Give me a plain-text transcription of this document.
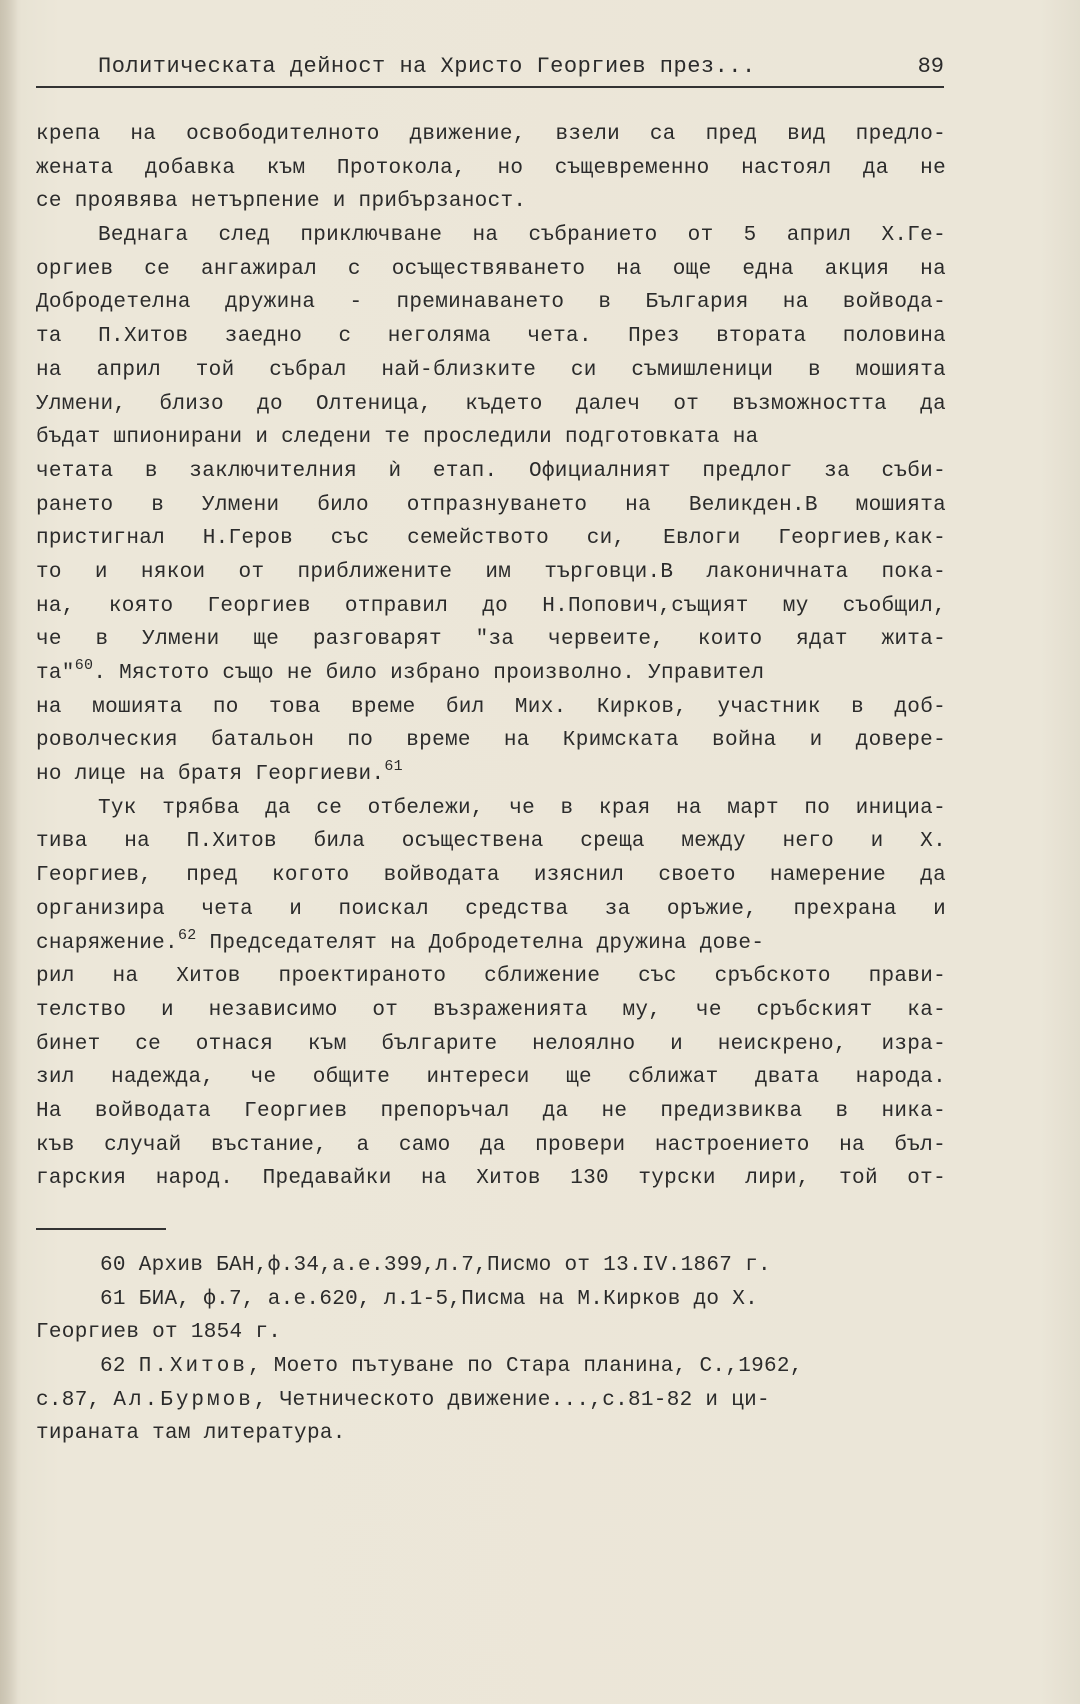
Политическата дейност на Христо Георгиев през...	89
крепа на освободителното движение, взели са пред вид предло-
жената добавка към Протокола, но същевременно настоял да не
се проявява нетърпение и прибързаност.
Веднага след приключване на събранието от 5 април Х.Ге-
оргиев се ангажирал с осъществяването на още една акция на
Добродетелна дружина - преминаването в България на войвода-
та П.Хитов заедно с неголяма чета. През втората половина
на април той събрал най-близките си съмишленици в мошията
Улмени, близо до Олтеница, където далеч от възможността да
бъдат шпионирани и следени те проследили подготовката на
четата в заключителния ѝ етап. Официалният предлог за съби-
рането в Улмени било отпразнуването на Великден.В мошията
пристигнал Н.Геров със семейството си, Евлоги Георгиев,как-
то и някои от приближените им търговци.В лаконичната пока-
на, която Георгиев отправил до Н.Попович,същият му съобщил,
че в Улмени ще разговарят "за червеите, които ядат жита-
та"$^{60}$. Мястото също не било избрано произволно. Управител
на мошията по това време бил Мих. Кирков, участник в доб-
роволческия батальон по време на Кримската война и довере-
но лице на братя Георгиеви.$^{61}$
Тук трябва да се отбележи, че в края на март по инициа-
тива на П.Хитов била осъществена среща между него и Х.
Георгиев, пред когото войводата изяснил своето намерение да
организира чета и поискал средства за оръжие, прехрана и
снаряжение.$^{62}$ Председателят на Добродетелна дружина дове-
рил на Хитов проектираното сближение със сръбското прави-
телство и независимо от възраженията му, че сръбският ка-
бинет се отнася към българите нелоялно и неискрено, изра-
зил надежда, че общите интереси ще сближат двата народа.
На войводата Георгиев препоръчал да не предизвиква в ника-
къв случай въстание, а само да провери настроението на бъл-
гарския народ. Предавайки на Хитов 130 турски лири, той от-
60 Архив БАН,ф.34,а.е.399,л.7,Писмо от 13.IV.1867 г.
61 БИА, ф.7, а.е.620, л.1-5,Писма на М.Кирков до Х.
Георгиев от 1854 г.
62 П.Хитов, Моето пътуване по Стара планина, С.,1962,
с.87, Ал.Бурмов, Четническото движение...,с.81-82 и ци-
тираната там литература.
